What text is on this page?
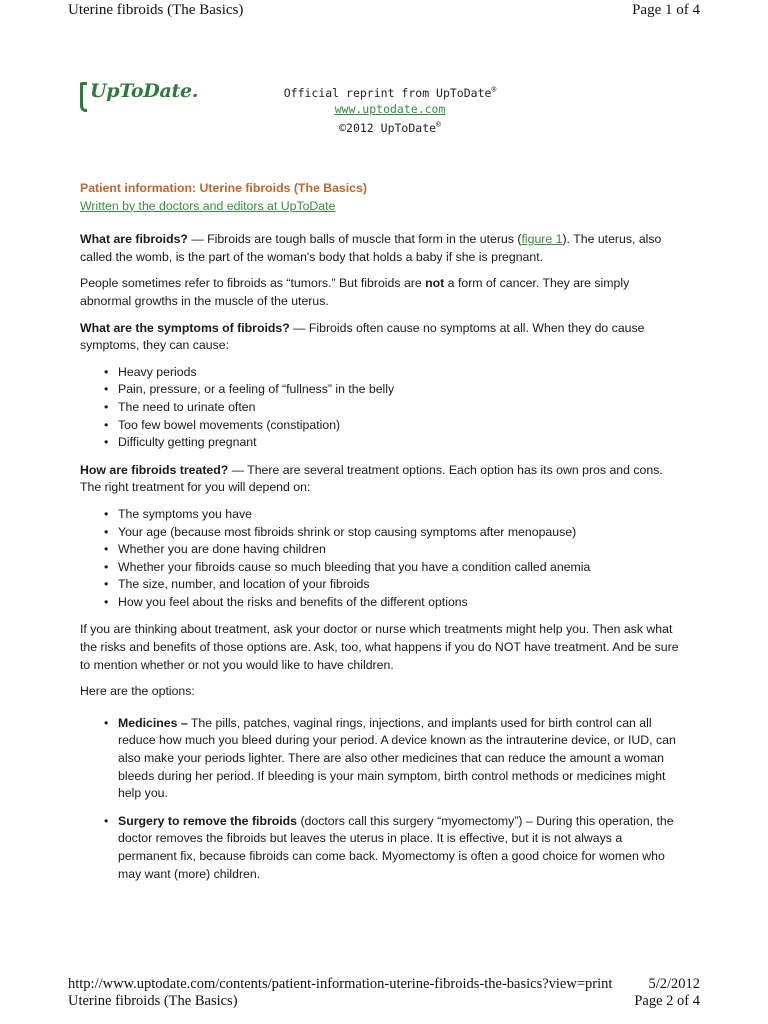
Uterine fibroids (The Basics)	Page 1 of 4
UpToDate.	Official reprint from UpToDate®
www.uptodate.com
©2012 UpToDate®
Patient information: Uterine fibroids (The Basics)
Written by the doctors and editors at UpToDate

What are fibroids? — Fibroids are tough balls of muscle that form in the uterus (figure 1). The uterus, also called the womb, is the part of the woman's body that holds a baby if she is pregnant.

People sometimes refer to fibroids as “tumors.” But fibroids are not a form of cancer. They are simply abnormal growths in the muscle of the uterus.

What are the symptoms of fibroids? — Fibroids often cause no symptoms at all. When they do cause symptoms, they can cause:

• Heavy periods
• Pain, pressure, or a feeling of “fullness” in the belly
• The need to urinate often
• Too few bowel movements (constipation)
• Difficulty getting pregnant

How are fibroids treated? — There are several treatment options. Each option has its own pros and cons. The right treatment for you will depend on:

• The symptoms you have
• Your age (because most fibroids shrink or stop causing symptoms after menopause)
• Whether you are done having children
• Whether your fibroids cause so much bleeding that you have a condition called anemia
• The size, number, and location of your fibroids
• How you feel about the risks and benefits of the different options

If you are thinking about treatment, ask your doctor or nurse which treatments might help you. Then ask what the risks and benefits of those options are. Ask, too, what happens if you do NOT have treatment. And be sure to mention whether or not you would like to have children.

Here are the options:

• Medicines – The pills, patches, vaginal rings, injections, and implants used for birth control can all reduce how much you bleed during your period. A device known as the intrauterine device, or IUD, can also make your periods lighter. There are also other medicines that can reduce the amount a woman bleeds during her period. If bleeding is your main symptom, birth control methods or medicines might help you.
• Surgery to remove the fibroids (doctors call this surgery “myomectomy”) – During this operation, the doctor removes the fibroids but leaves the uterus in place. It is effective, but it is not always a permanent fix, because fibroids can come back. Myomectomy is often a good choice for women who may want (more) children.
http://www.uptodate.com/contents/patient-information-uterine-fibroids-the-basics?view=print 5/2/2012
Uterine fibroids (The Basics)	Page 2 of 4
